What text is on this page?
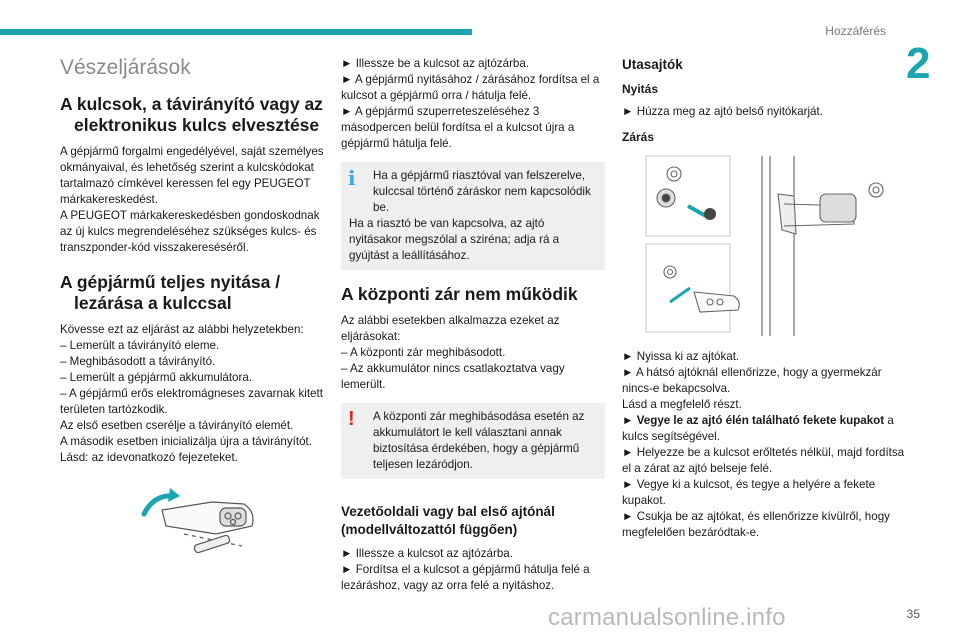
Hozzáférés
2
Vészeljárások
A kulcsok, a távirányító vagy az elektronikus kulcs elvesztése

A gépjármű forgalmi engedélyével, saját személyes okmányaival, és lehetőség szerint a kulcskódokat tartalmazó címkével keressen fel egy PEUGEOT márkakereskedést.

A PEUGEOT márkakereskedésben gondoskodnak az új kulcs megrendeléséhez szükséges kulcs- és transzponder-kód visszakereséséről.

A gépjármű teljes nyitása / lezárása a kulccsal

Kövesse ezt az eljárást az alábbi helyzetekben:

– Lemerült a távirányító eleme.

– Meghibásodott a távirányító.

– Lemerült a gépjármű akkumulátora.

– A gépjármű erős elektromágneses zavarnak kitett területen tartózkodik.

Az első esetben cserélje a távirányító elemét.

A második esetben inicializálja újra a távirányítót.

Lásd: az idevonatkozó fejezeteket.

► Illessze be a kulcsot az ajtózárba.

► A gépjármű nyitásához / zárásához fordítsa el a kulcsot a gépjármű orra / hátulja felé.

► A gépjármű szuperreteszeléséhez 3 másodpercen belül fordítsa el a kulcsot újra a gépjármű hátulja felé.

i	Ha a gépjármű riasztóval van felszerelve, kulccsal történő záráskor nem kapcsolódik be.
Ha a riasztó be van kapcsolva, az ajtó nyitásakor megszólal a sziréna; adja rá a gyújtást a leállításához.
A központi zár nem működik

Az alábbi esetekben alkalmazza ezeket az eljárásokat:

– A központi zár meghibásodott.

– Az akkumulátor nincs csatlakoztatva vagy lemerült.

!	A központi zár meghibásodása esetén az akkumulátort le kell választani annak biztosítása érdekében, hogy a gépjármű teljesen lezáródjon.
Vezetőoldali vagy bal első ajtónál (modellváltozattól függően)

► Illessze a kulcsot az ajtózárba.

► Fordítsa el a kulcsot a gépjármű hátulja felé a lezáráshoz, vagy az orra felé a nyitáshoz.

Utasajtók
Nyitás

► Húzza meg az ajtó belső nyitókarját.

Zárás

► Nyissa ki az ajtókat.

► A hátsó ajtóknál ellenőrizze, hogy a gyermekzár nincs-e bekapcsolva.

Lásd a megfelelő részt.

► Vegye le az ajtó élén található fekete kupakot a kulcs segítségével.

► Helyezze be a kulcsot erőltetés nélkül, majd fordítsa el a zárat az ajtó belseje felé.

► Vegye ki a kulcsot, és tegye a helyére a fekete kupakot.

► Csukja be az ajtókat, és ellenőrizze kívülről, hogy megfelelően bezáródtak-e.

carmanualsonline.info	35
